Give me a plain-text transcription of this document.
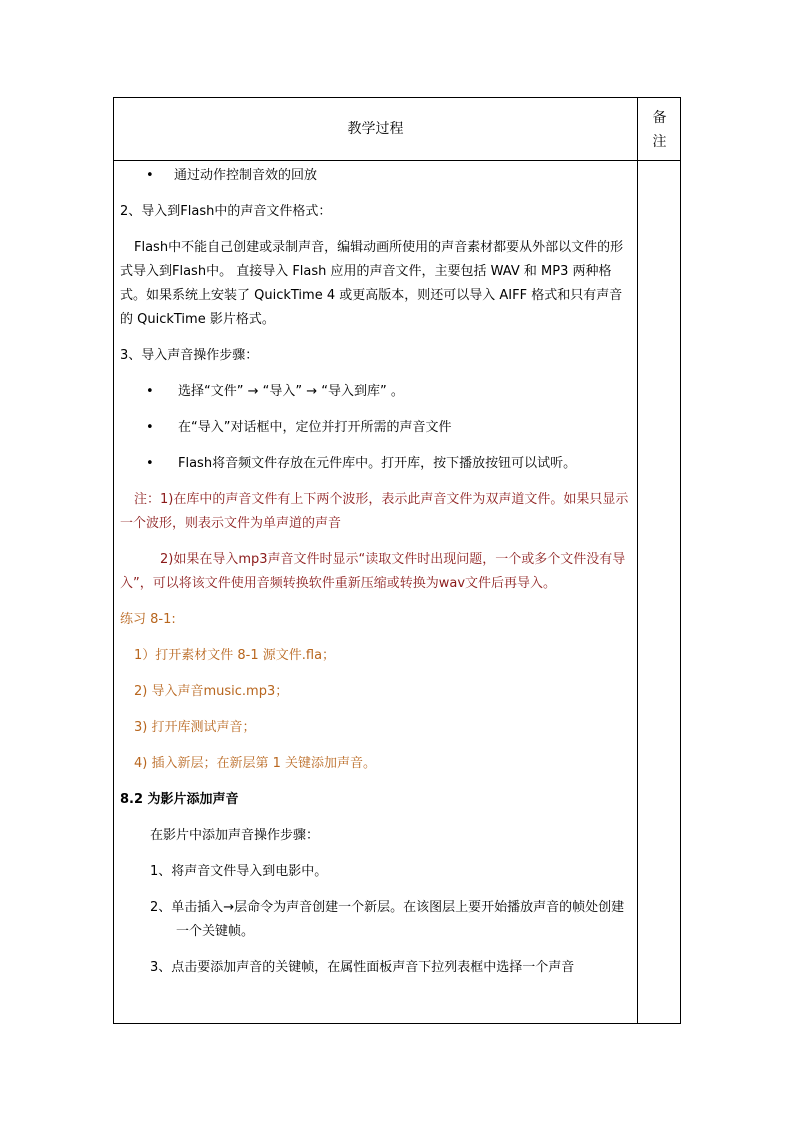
教学过程
备
注

• 通过动作控制音效的回放

2、导入到Flash中的声音文件格式：

Flash中不能自己创建或录制声音，编辑动画所使用的声音素材都要从外部以文件的形式导入到Flash中。 直接导入 Flash 应用的声音文件，主要包括 WAV 和 MP3 两种格式。如果系统上安装了 QuickTime 4 或更高版本，则还可以导入 AIFF 格式和只有声音的 QuickTime 影片格式。

3、导入声音操作步骤：

• 选择“文件” → “导入” → “导入到库” 。

• 在“导入”对话框中，定位并打开所需的声音文件

• Flash将音频文件存放在元件库中。打开库，按下播放按钮可以试听。

注：1)在库中的声音文件有上下两个波形，表示此声音文件为双声道文件。如果只显示一个波形，则表示文件为单声道的声音

2)如果在导入mp3声音文件时显示“读取文件时出现问题，一个或多个文件没有导入”，可以将该文件使用音频转换软件重新压缩或转换为wav文件后再导入。

练习 8-1:

1）打开素材文件 8-1 源文件.fla；

2) 导入声音music.mp3；

3) 打开库测试声音；

4) 插入新层；在新层第 1 关键添加声音。

8.2 为影片添加声音

在影片中添加声音操作步骤：

1、将声音文件导入到电影中。

2、单击插入→层命令为声音创建一个新层。在该图层上要开始播放声音的帧处创建一个关键帧。

3、点击要添加声音的关键帧，在属性面板声音下拉列表框中选择一个声音
